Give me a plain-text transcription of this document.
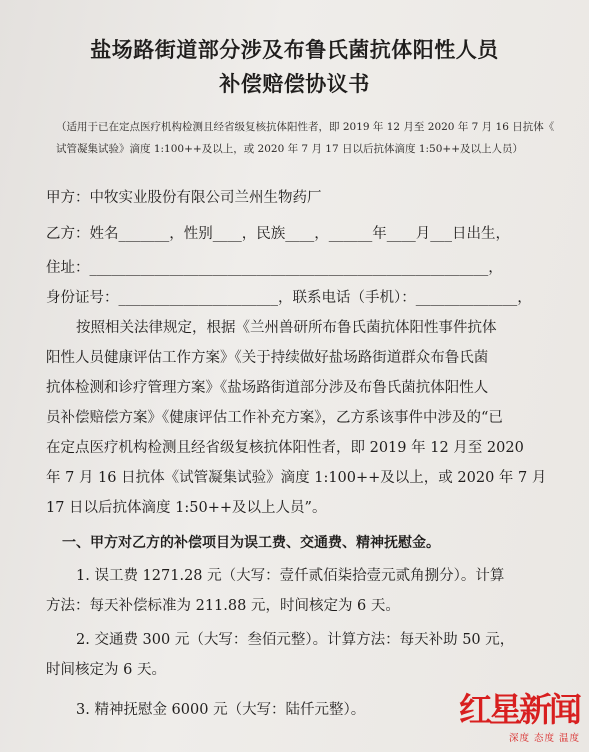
盐场路街道部分涉及布鲁氏菌抗体阳性人员
补偿赔偿协议书
（适用于已在定点医疗机构检测且经省级复核抗体阳性者，即 2019 年 12 月至 2020 年 7 月 16 日抗体《
试管凝集试验》滴度 1:100++及以上，或 2020 年 7 月 17 日以后抗体滴度 1:50++及以上人员）
甲方：中牧实业股份有限公司兰州生物药厂
乙方：姓名_______，性别____，民族____，______年____月___日出生，
住址：_______________________________________________________，
身份证号：______________________，联系电话（手机）：______________，
按照相关法律规定，根据《兰州兽研所布鲁氏菌抗体阳性事件抗体
阳性人员健康评估工作方案》《关于持续做好盐场路街道群众布鲁氏菌
抗体检测和诊疗管理方案》《盐场路街道部分涉及布鲁氏菌抗体阳性人
员补偿赔偿方案》《健康评估工作补充方案》，乙方系该事件中涉及的“已
在定点医疗机构检测且经省级复核抗体阳性者，即 2019 年 12 月至 2020
年 7 月 16 日抗体《试管凝集试验》滴度 1:100++及以上，或 2020 年 7 月
17 日以后抗体滴度 1:50++及以上人员”。
一、甲方对乙方的补偿项目为误工费、交通费、精神抚慰金。
1. 误工费 1271.28 元（大写：壹仟贰佰柒拾壹元贰角捌分）。计算
方法：每天补偿标准为 211.88 元，时间核定为 6 天。
2. 交通费 300 元（大写：叁佰元整）。计算方法：每天补助 50 元，
时间核定为 6 天。
3. 精神抚慰金 6000 元（大写：陆仟元整）。	红星新闻
深度 态度 温度
